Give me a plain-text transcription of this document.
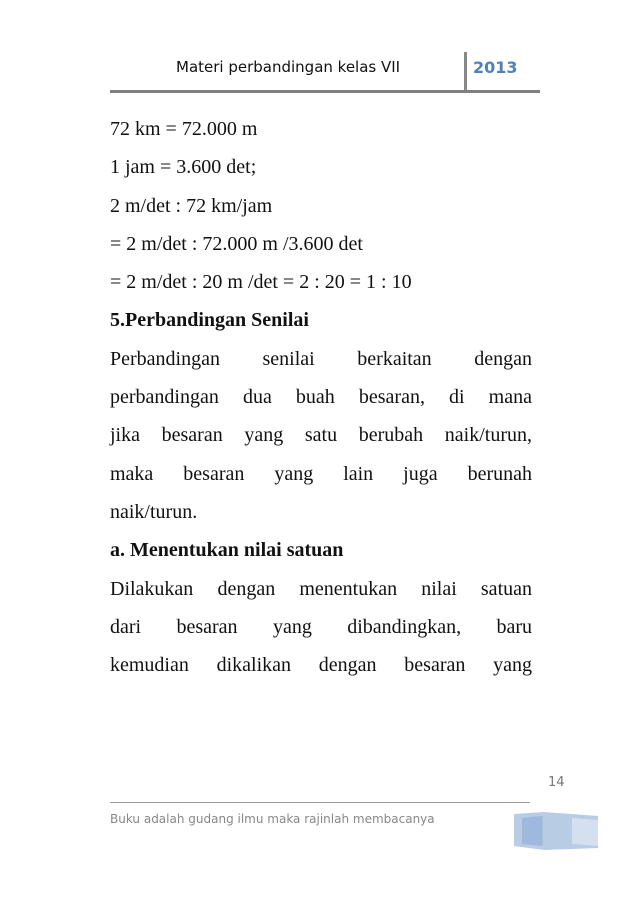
Materi perbandingan kelas VII	2013
72 km = 72.000 m
1 jam = 3.600 det;
2 m/det : 72 km/jam
= 2 m/det : 72.000 m /3.600 det
= 2 m/det : 20 m /det = 2 : 20 = 1 : 10
5.Perbandingan Senilai
Perbandingan senilai berkaitan dengan
perbandingan dua buah besaran, di mana
jika besaran yang satu berubah naik/turun,
maka besaran yang lain juga berunah
naik/turun.
a. Menentukan nilai satuan
Dilakukan dengan menentukan nilai satuan
dari besaran yang dibandingkan, baru
kemudian dikalikan dengan besaran yang
14
Buku adalah gudang ilmu maka rajinlah membacanya
